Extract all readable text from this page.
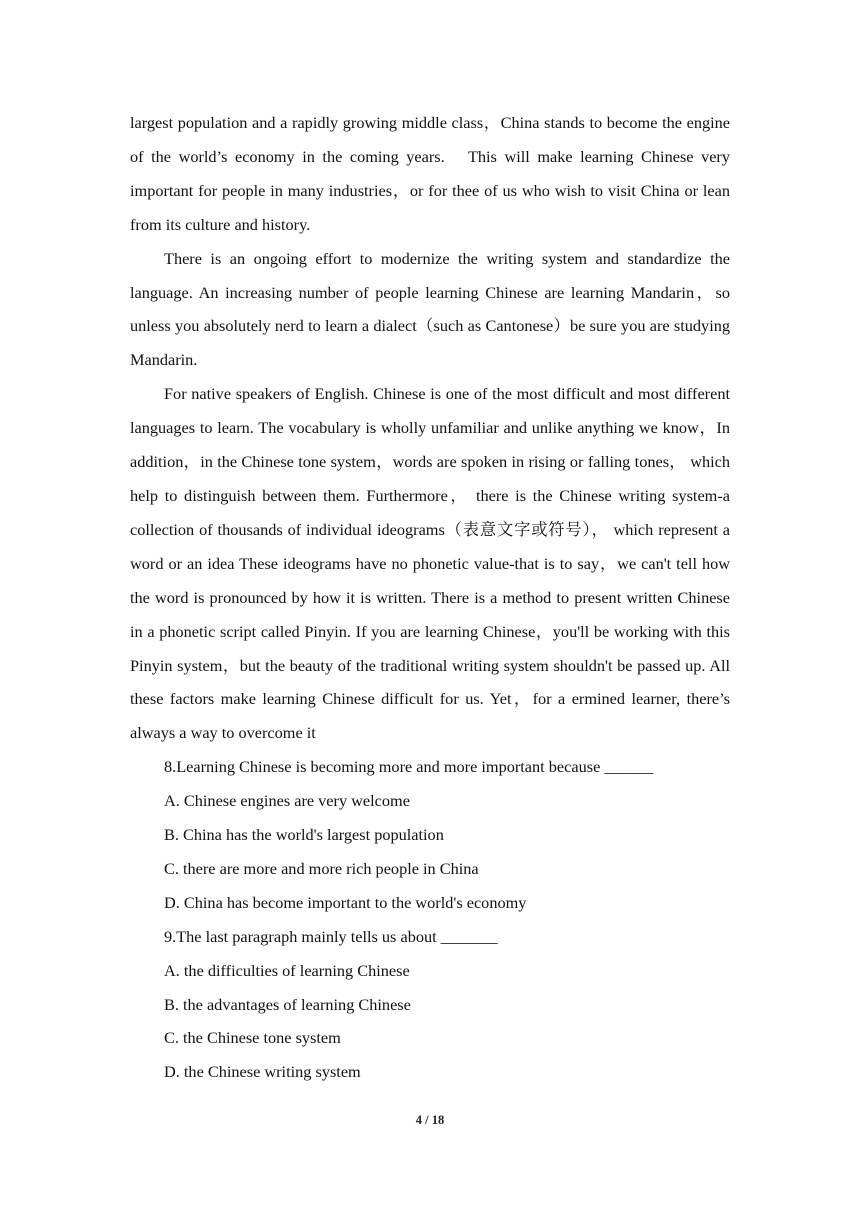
largest population and a rapidly growing middle class，China stands to become the engine of the world’s economy in the coming years.　This will make learning Chinese very important for people in many industries，or for thee of us who wish to visit China or lean from its culture and history.

There is an ongoing effort to modernize the writing system and standardize the language. An increasing number of people learning Chinese are learning Mandarin，so unless you absolutely nerd to learn a dialect（such as Cantonese）be sure you are studying Mandarin.

For native speakers of English. Chinese is one of the most difficult and most different languages to learn. The vocabulary is wholly unfamiliar and unlike anything we know，In addition，in the Chinese tone system，words are spoken in rising or falling tones， which help to distinguish between them. Furthermore， there is the Chinese writing system-a collection of thousands of individual ideograms（表意文字或符号）， which represent a word or an idea These ideograms have no phonetic value-that is to say，we can't tell how the word is pronounced by how it is written. There is a method to present written Chinese in a phonetic script called Pinyin. If you are learning Chinese，you'll be working with this Pinyin system，but the beauty of the traditional writing system shouldn't be passed up. All these factors make learning Chinese difficult for us. Yet，for a ermined learner, there’s always a way to overcome it

8.Learning Chinese is becoming more and more important because ______

A. Chinese engines are very welcome

B. China has the world's largest population

C. there are more and more rich people in China

D. China has become important to the world's economy

9.The last paragraph mainly tells us about _______

A. the difficulties of learning Chinese

B. the advantages of learning Chinese

C. the Chinese tone system

D. the Chinese writing system

4 / 18
